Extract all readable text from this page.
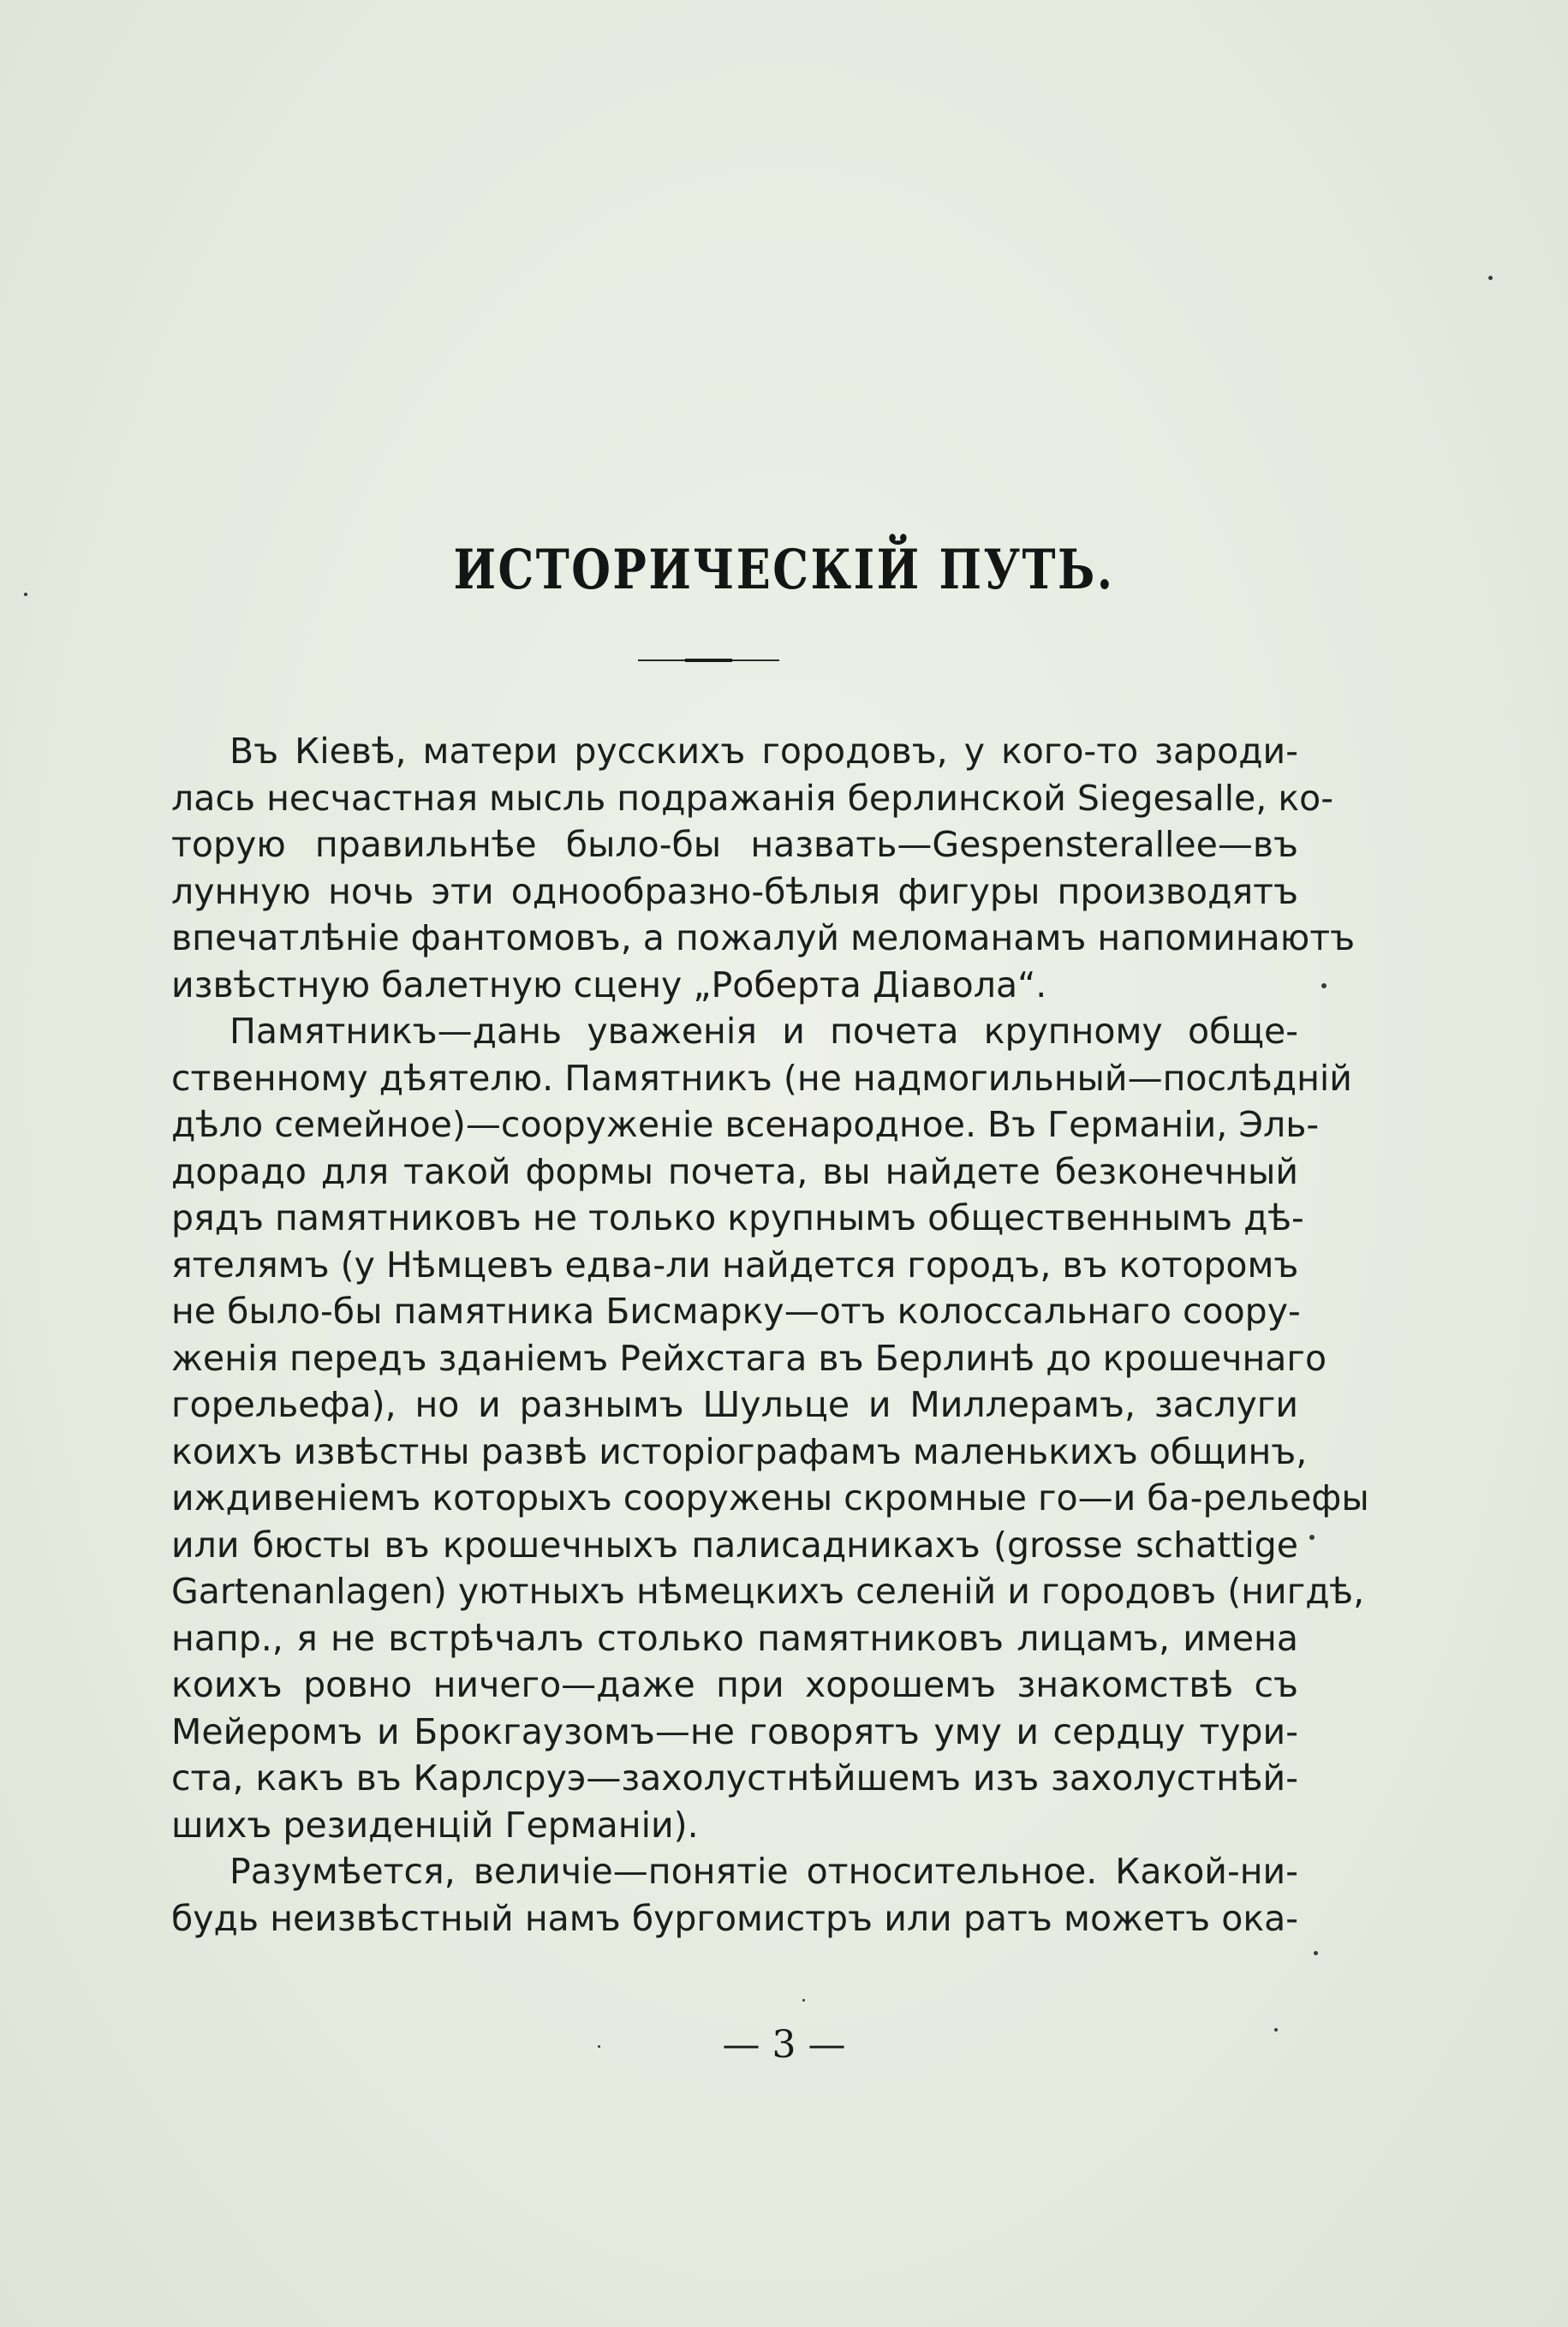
ИСТОРИЧЕСКІЙ ПУТЬ.
Въ Кіевѣ, матери русскихъ городовъ, у кого-то зароди-
лась несчастная мысль подражанія берлинской Siegesalle, ко-
торую правильнѣе было-бы назвать—Gespensterallee—въ
лунную ночь эти однообразно-бѣлыя фигуры производятъ
впечатлѣніе фантомовъ, а пожалуй меломанамъ напоминаютъ
извѣстную балетную сцену „Роберта Діавола“.
Памятникъ—дань уваженія и почета крупному обще-
ственному дѣятелю. Памятникъ (не надмогильный—послѣдній
дѣло семейное)—сооруженіе всенародное. Въ Германіи, Эль-
дорадо для такой формы почета, вы найдете безконечный
рядъ памятниковъ не только крупнымъ общественнымъ дѣ-
ятелямъ (у Нѣмцевъ едва-ли найдется городъ, въ которомъ
не было-бы памятника Бисмарку—отъ колоссальнаго соору-
женія передъ зданіемъ Рейхстага въ Берлинѣ до крошечнаго
горельефа), но и разнымъ Шульце и Миллерамъ, заслуги
коихъ извѣстны развѣ исторіографамъ маленькихъ общинъ,
иждивеніемъ которыхъ сооружены скромные го—и ба-рельефы
или бюсты въ крошечныхъ палисадникахъ (grosse schattige
Gartenanlagen) уютныхъ нѣмецкихъ селеній и городовъ (нигдѣ,
напр., я не встрѣчалъ столько памятниковъ лицамъ, имена
коихъ ровно ничего—даже при хорошемъ знакомствѣ съ
Мейеромъ и Брокгаузомъ—не говорятъ уму и сердцу тури-
ста, какъ въ Карлсруэ—захолустнѣйшемъ изъ захолустнѣй-
шихъ резиденцій Германіи).
Разумѣется, величіе—понятіе относительное. Какой-ни-
будь неизвѣстный намъ бургомистръ или ратъ можетъ ока-
— 3 —
